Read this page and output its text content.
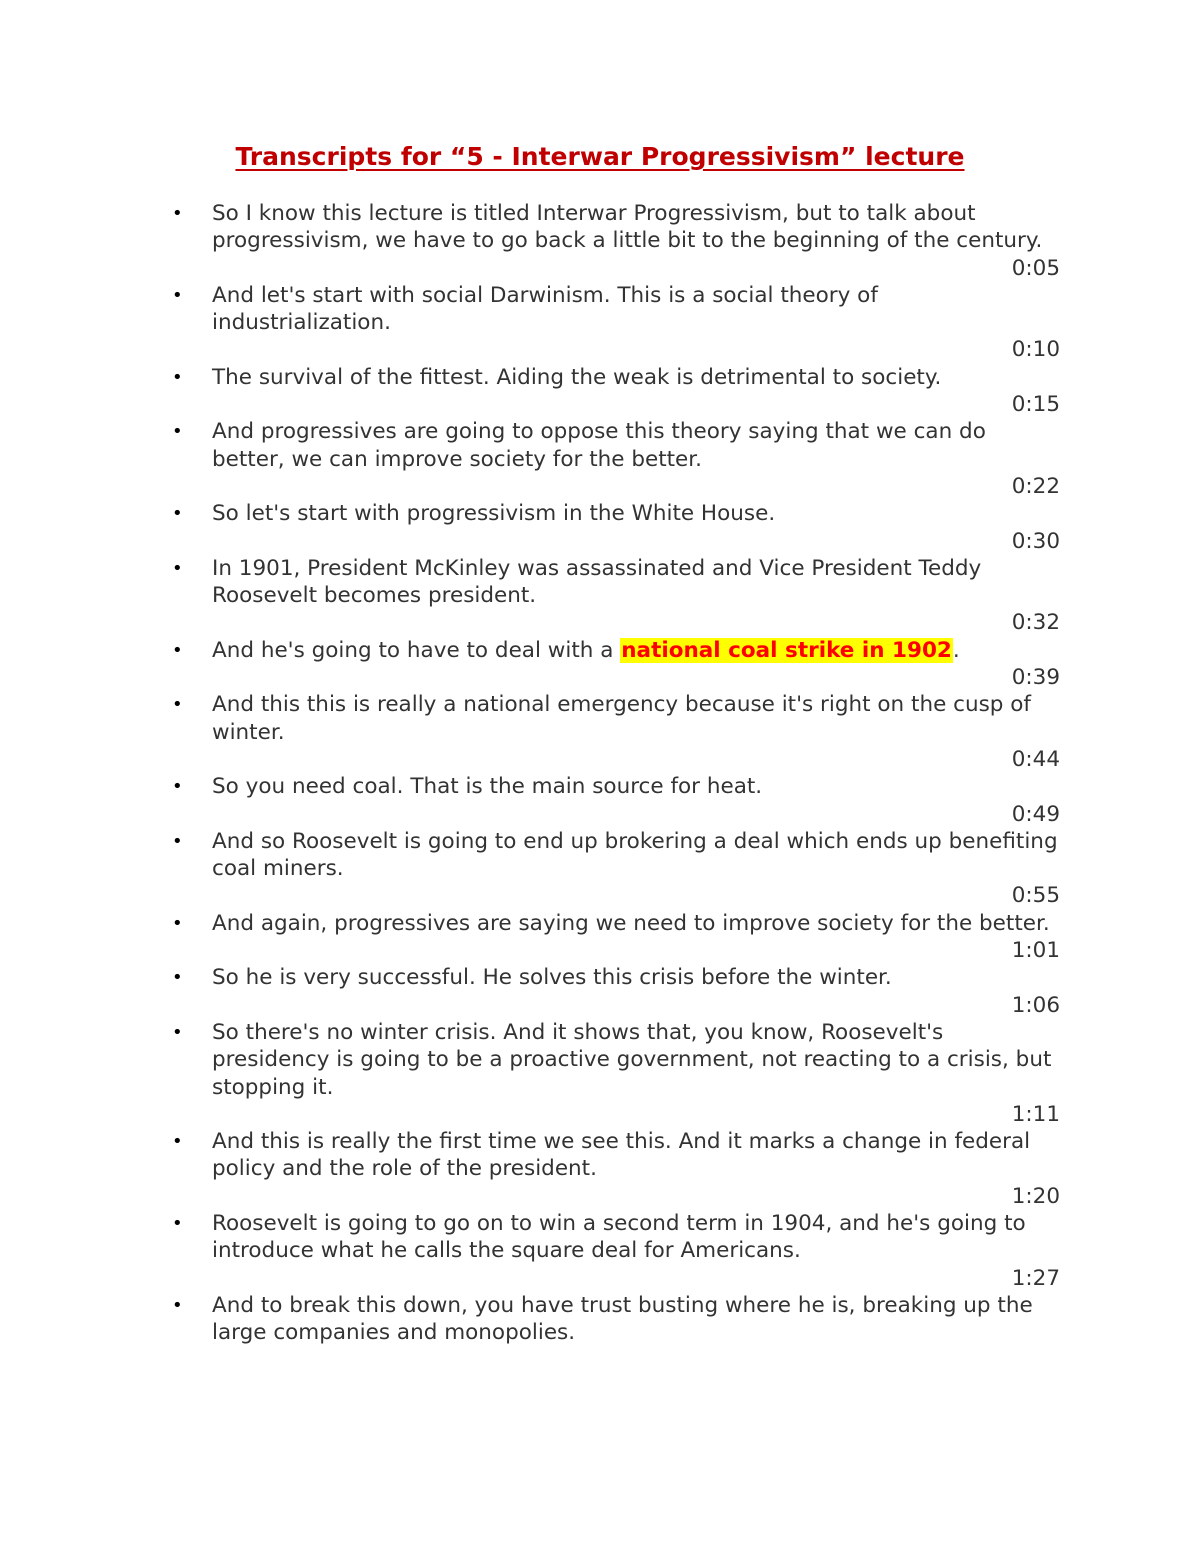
Transcripts for “5 - Interwar Progressivism” lecture
• So I know this lecture is titled Interwar Progressivism, but to talk about progressivism, we have to go back a little bit to the beginning of the century.
0:05
• And let's start with social Darwinism. This is a social theory of industrialization.
0:10
• The survival of the fittest. Aiding the weak is detrimental to society.
0:15
• And progressives are going to oppose this theory saying that we can do better, we can improve society for the better.
0:22
• So let's start with progressivism in the White House.
0:30
• In 1901, President McKinley was assassinated and Vice President Teddy Roosevelt becomes president.
0:32
• And he's going to have to deal with a national coal strike in 1902.
0:39
• And this this is really a national emergency because it's right on the cusp of winter.
0:44
• So you need coal. That is the main source for heat.
0:49
• And so Roosevelt is going to end up brokering a deal which ends up benefiting coal miners.
0:55
• And again, progressives are saying we need to improve society for the better.
1:01
• So he is very successful. He solves this crisis before the winter.
1:06
• So there's no winter crisis. And it shows that, you know, Roosevelt's presidency is going to be a proactive government, not reacting to a crisis, but stopping it.
1:11
• And this is really the first time we see this. And it marks a change in federal policy and the role of the president.
1:20
• Roosevelt is going to go on to win a second term in 1904, and he's going to introduce what he calls the square deal for Americans.
1:27
• And to break this down, you have trust busting where he is, breaking up the large companies and monopolies.
